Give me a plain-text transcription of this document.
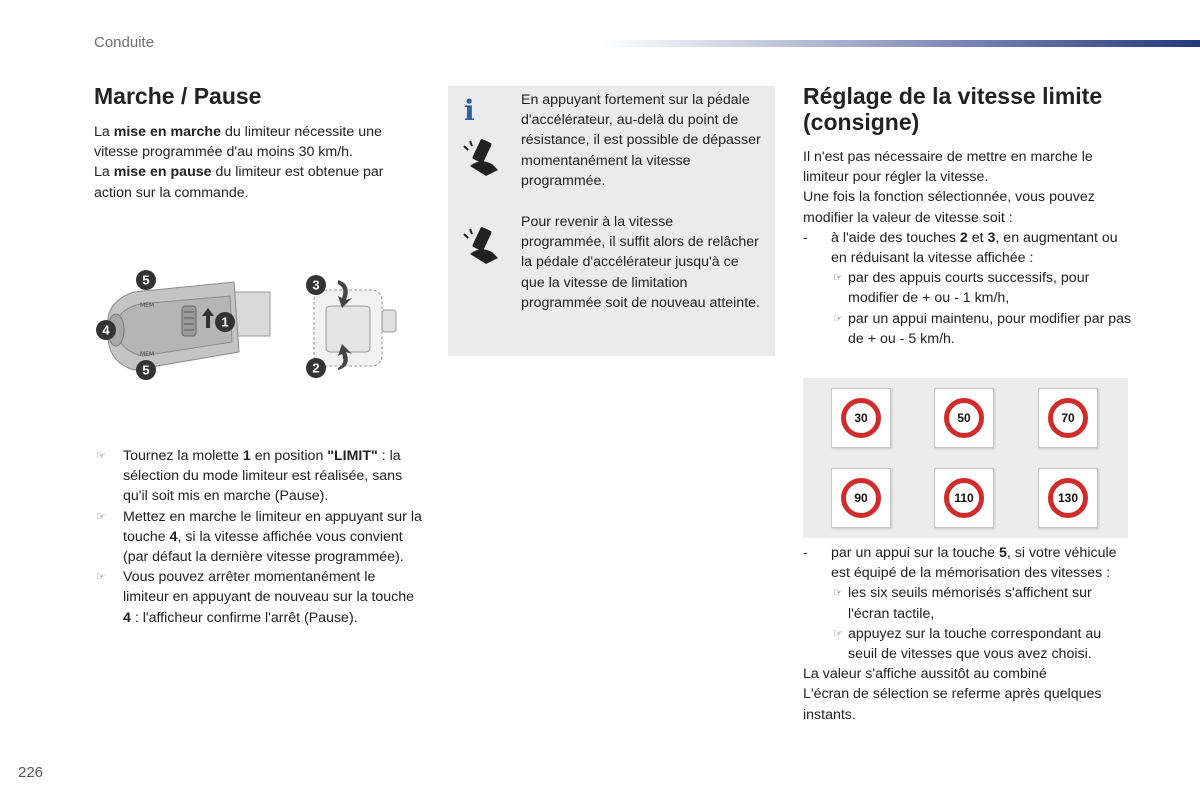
Conduite
Marche / Pause
La mise en marche du limiteur nécessite une vitesse programmée d'au moins 30 km/h.
La mise en pause du limiteur est obtenue par action sur la commande.
MEM
MEM
5
4
5
3
1
2
☞ Tournez la molette 1 en position "LIMIT" : la sélection du mode limiteur est réalisée, sans qu'il soit mis en marche (Pause).
☞ Mettez en marche le limiteur en appuyant sur la touche 4, si la vitesse affichée vous convient (par défaut la dernière vitesse programmée).
☞ Vous pouvez arrêter momentanément le limiteur en appuyant de nouveau sur la touche 4 : l'afficheur confirme l'arrêt (Pause).
i	En appuyant fortement sur la pédale d'accélérateur, au-delà du point de résistance, il est possible de dépasser momentanément la vitesse programmée.
Pour revenir à la vitesse programmée, il suffit alors de relâcher la pédale d'accélérateur jusqu'à ce que la vitesse de limitation programmée soit de nouveau atteinte.
Réglage de la vitesse limite (consigne)
Il n'est pas nécessaire de mettre en marche le limiteur pour régler la vitesse.
Une fois la fonction sélectionnée, vous pouvez modifier la valeur de vitesse soit :
- à l'aide des touches 2 et 3, en augmentant ou en réduisant la vitesse affichée :
☞ par des appuis courts successifs, pour modifier de + ou - 1 km/h,
☞ par un appui maintenu, pour modifier par pas de + ou - 5 km/h.
30	50	70
90	110	130
- par un appui sur la touche 5, si votre véhicule est équipé de la mémorisation des vitesses :
☞ les six seuils mémorisés s'affichent sur l'écran tactile,
☞ appuyez sur la touche correspondant au seuil de vitesses que vous avez choisi.
La valeur s'affiche aussitôt au combiné
L'écran de sélection se referme après quelques instants.
226
